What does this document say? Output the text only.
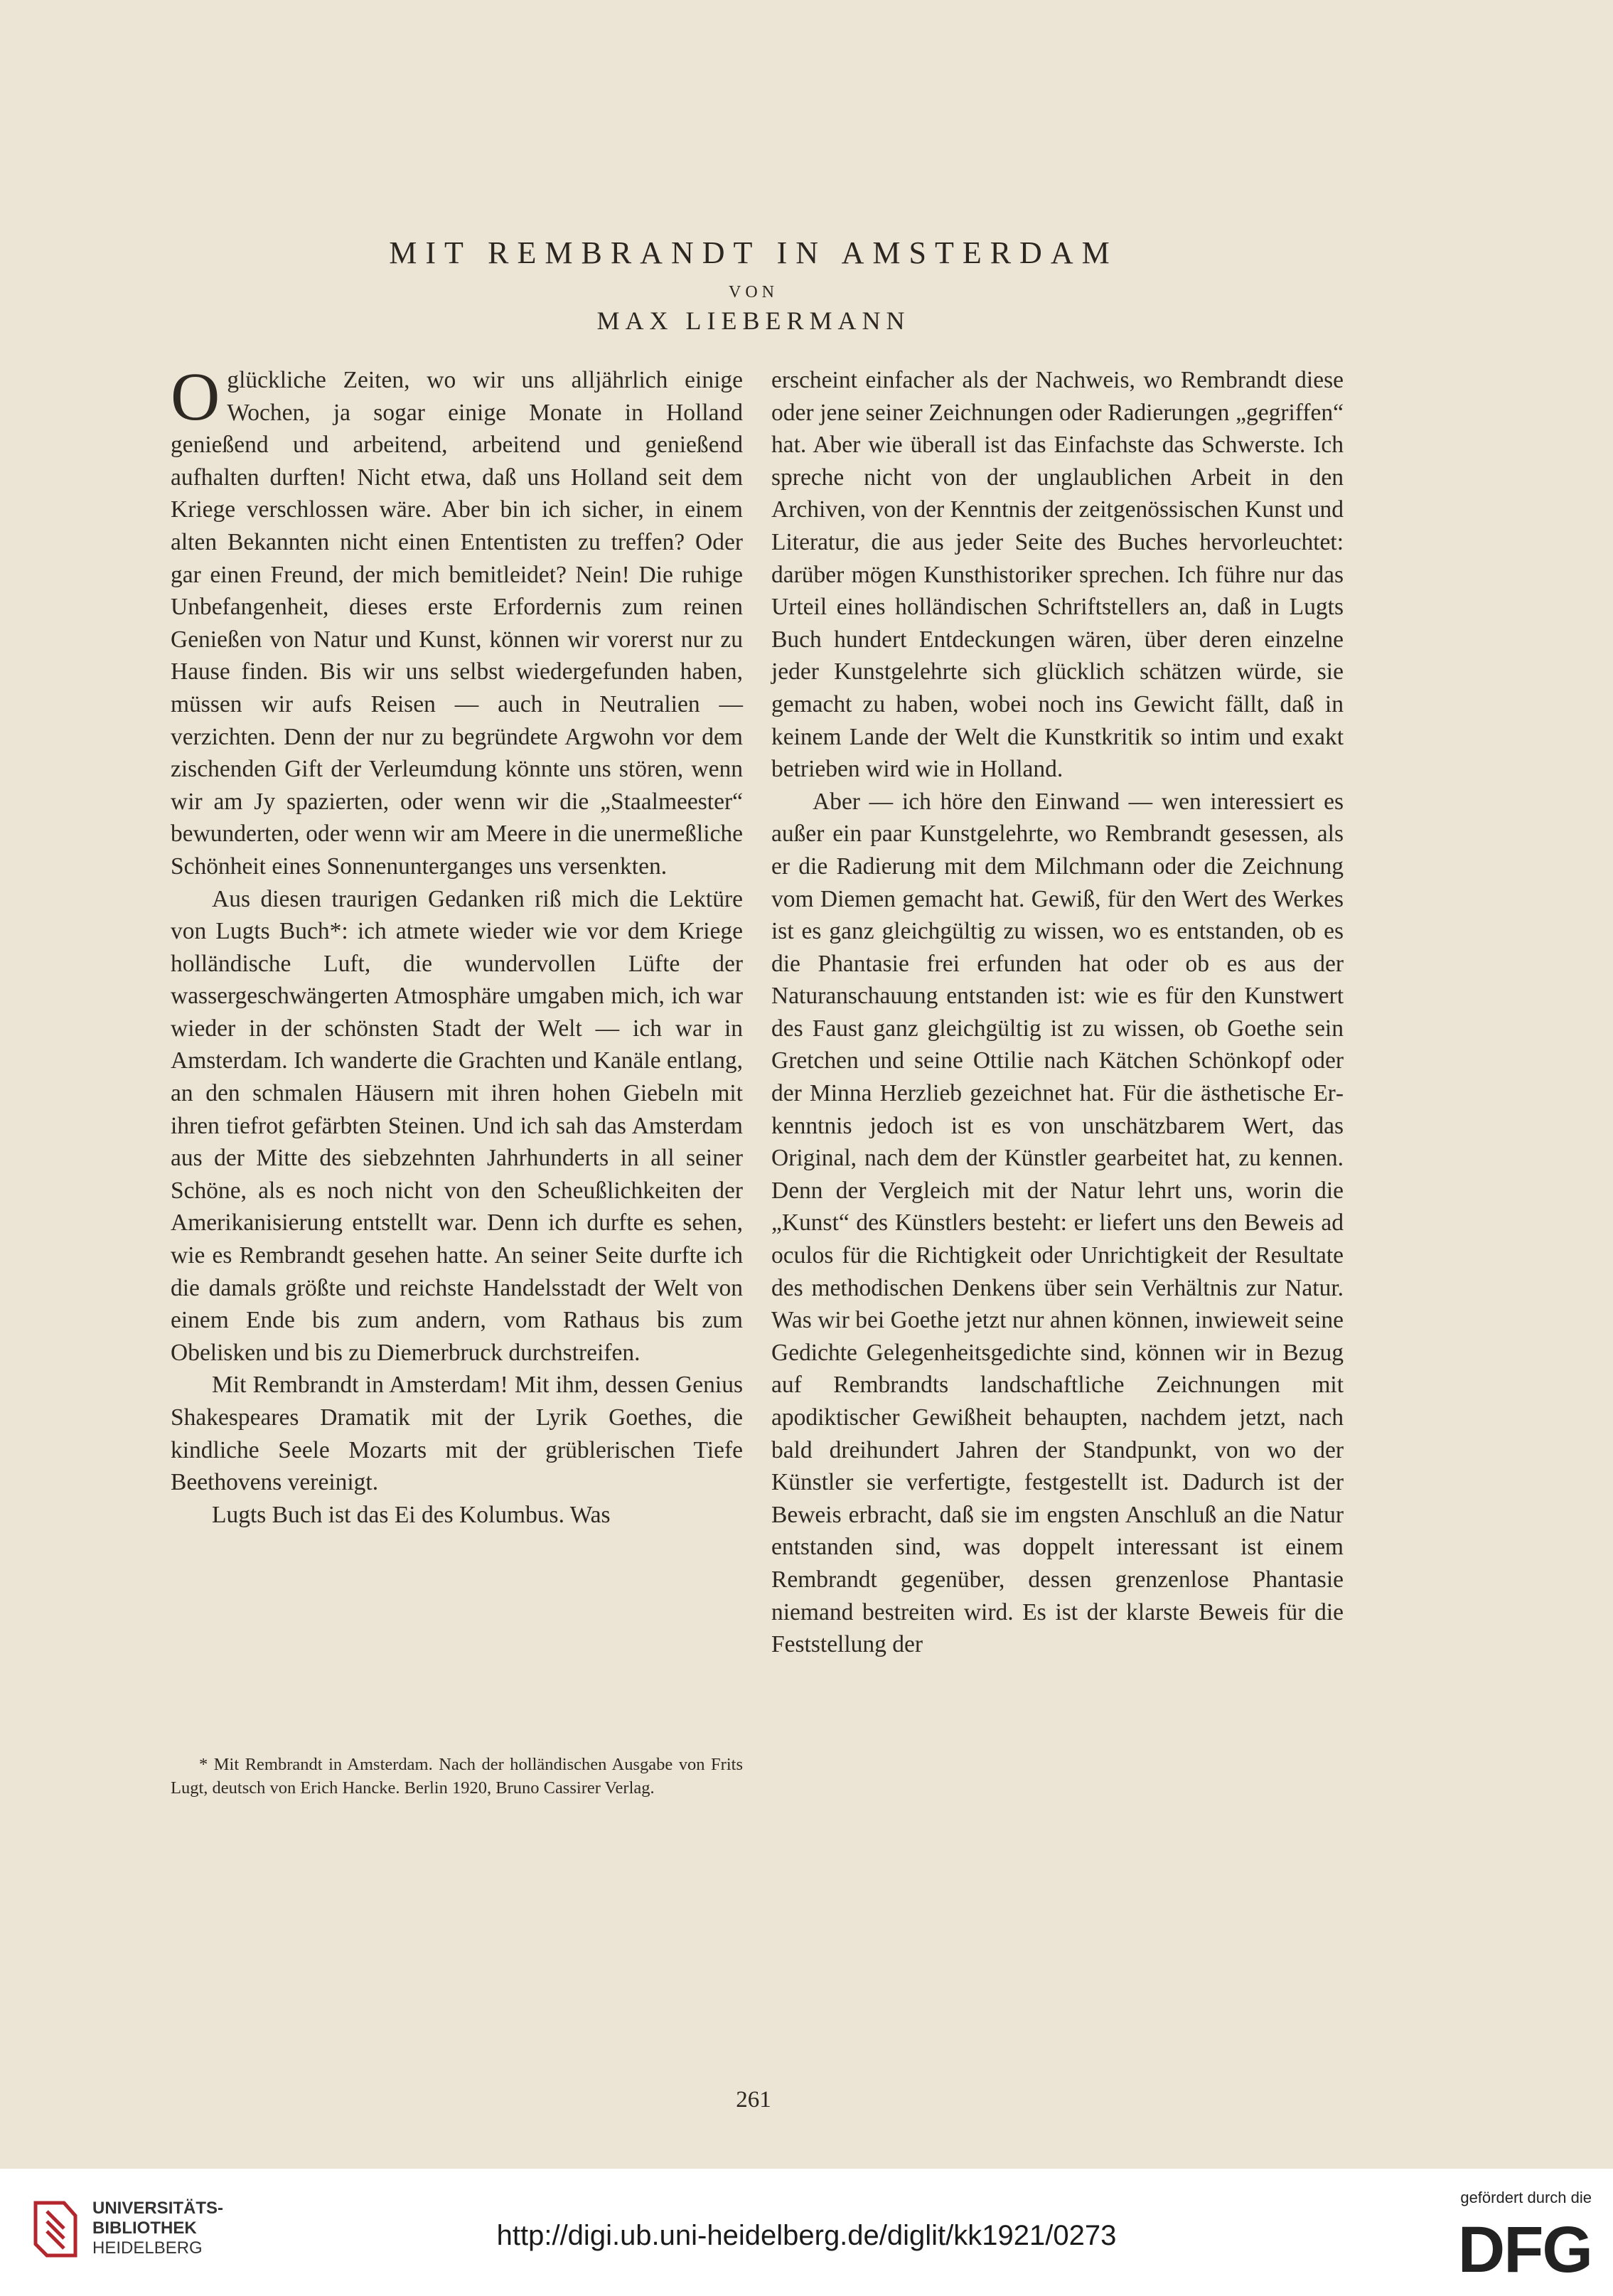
MIT REMBRANDT IN AMSTERDAM
VON
MAX LIEBERMANN

Oglückliche Zeiten, wo wir uns alljährlich einige Wochen, ja sogar einige Monate in Holland genießend und arbeitend, arbeitend und genießend aufhalten durften! Nicht etwa, daß uns Holland seit dem Kriege verschlossen wäre. Aber bin ich sicher, in einem alten Bekannten nicht einen Ententisten zu treffen? Oder gar einen Freund, der mich bemitleidet? Nein! Die ruhige Unbefangenheit, dieses erste Erfordernis zum reinen Genießen von Natur und Kunst, können wir vorerst nur zu Hause finden. Bis wir uns selbst wiedergefunden haben, müssen wir aufs Reisen — auch in Neutralien — verzichten. Denn der nur zu begründete Argwohn vor dem zischenden Gift der Verleumdung könnte uns stören, wenn wir am Jy spazierten, oder wenn wir die „Staalmeester“ bewunderten, oder wenn wir am Meere in die unermeßliche Schönheit eines Sonnenunterganges uns versenkten.

Aus diesen traurigen Gedanken riß mich die Lektüre von Lugts Buch*: ich atmete wieder wie vor dem Kriege holländische Luft, die wundervollen Lüfte der wassergeschwängerten Atmosphäre umgaben mich, ich war wieder in der schönsten Stadt der Welt — ich war in Amsterdam. Ich wanderte die Grachten und Kanäle entlang, an den schmalen Häusern mit ihren hohen Giebeln mit ihren tiefrot gefärbten Steinen. Und ich sah das Amsterdam aus der Mitte des siebzehnten Jahrhunderts in all seiner Schöne, als es noch nicht von den Scheußlichkeiten der Amerikanisierung entstellt war. Denn ich durfte es sehen, wie es Rembrandt gesehen hatte. An seiner Seite durfte ich die damals größte und reichste Handelsstadt der Welt von einem Ende bis zum andern, vom Rathaus bis zum Obelisken und bis zu Diemerbruck durchstreifen.

Mit Rembrandt in Amsterdam! Mit ihm, dessen Genius Shakespeares Dramatik mit der Lyrik Goethes, die kindliche Seele Mozarts mit der grüblerischen Tiefe Beethovens vereinigt.

Lugts Buch ist das Ei des Kolumbus. Was

* Mit Rembrandt in Amsterdam. Nach der holländischen Ausgabe von Frits Lugt, deutsch von Erich Hancke. Berlin 1920, Bruno Cassirer Verlag.

erscheint einfacher als der Nachweis, wo Rembrandt diese oder jene seiner Zeichnungen oder Radierungen „gegriffen“ hat. Aber wie überall ist das Einfachste das Schwerste. Ich spreche nicht von der unglaublichen Arbeit in den Archiven, von der Kenntnis der zeitgenössischen Kunst und Literatur, die aus jeder Seite des Buches hervorleuchtet: darüber mögen Kunsthistoriker sprechen. Ich führe nur das Urteil eines holländischen Schriftstellers an, daß in Lugts Buch hundert Entdeckungen wären, über deren einzelne jeder Kunstgelehrte sich glücklich schätzen würde, sie gemacht zu haben, wobei noch ins Gewicht fällt, daß in keinem Lande der Welt die Kunstkritik so intim und exakt betrieben wird wie in Holland.

Aber — ich höre den Einwand — wen interessiert es außer ein paar Kunstgelehrte, wo Rembrandt gesessen, als er die Radierung mit dem Milchmann oder die Zeichnung vom Diemen gemacht hat. Gewiß, für den Wert des Werkes ist es ganz gleichgültig zu wissen, wo es entstanden, ob es die Phantasie frei erfunden hat oder ob es aus der Naturanschauung entstanden ist: wie es für den Kunstwert des Faust ganz gleichgültig ist zu wissen, ob Goethe sein Gretchen und seine Ottilie nach Kätchen Schönkopf oder der Minna Herzlieb gezeichnet hat. Für die ästhetische Erkenntnis jedoch ist es von unschätzbarem Wert, das Original, nach dem der Künstler gearbeitet hat, zu kennen. Denn der Vergleich mit der Natur lehrt uns, worin die „Kunst“ des Künstlers besteht: er liefert uns den Beweis ad oculos für die Richtigkeit oder Unrichtigkeit der Resultate des methodischen Denkens über sein Verhältnis zur Natur. Was wir bei Goethe jetzt nur ahnen können, inwieweit seine Gedichte Gelegenheitsgedichte sind, können wir in Bezug auf Rembrandts landschaftliche Zeichnungen mit apodiktischer Gewißheit behaupten, nachdem jetzt, nach bald dreihundert Jahren der Standpunkt, von wo der Künstler sie verfertigte, festgestellt ist. Dadurch ist der Beweis erbracht, daß sie im engsten Anschluß an die Natur entstanden sind, was doppelt interessant ist einem Rembrandt gegenüber, dessen grenzenlose Phantasie niemand bestreiten wird. Es ist der klarste Beweis für die Feststellung der

261
UNIVERSITÄTS-
BIBLIOTHEK
HEIDELBERG	http://digi.ub.uni-heidelberg.de/diglit/kk1921/0273
gefördert durch die
DFG
